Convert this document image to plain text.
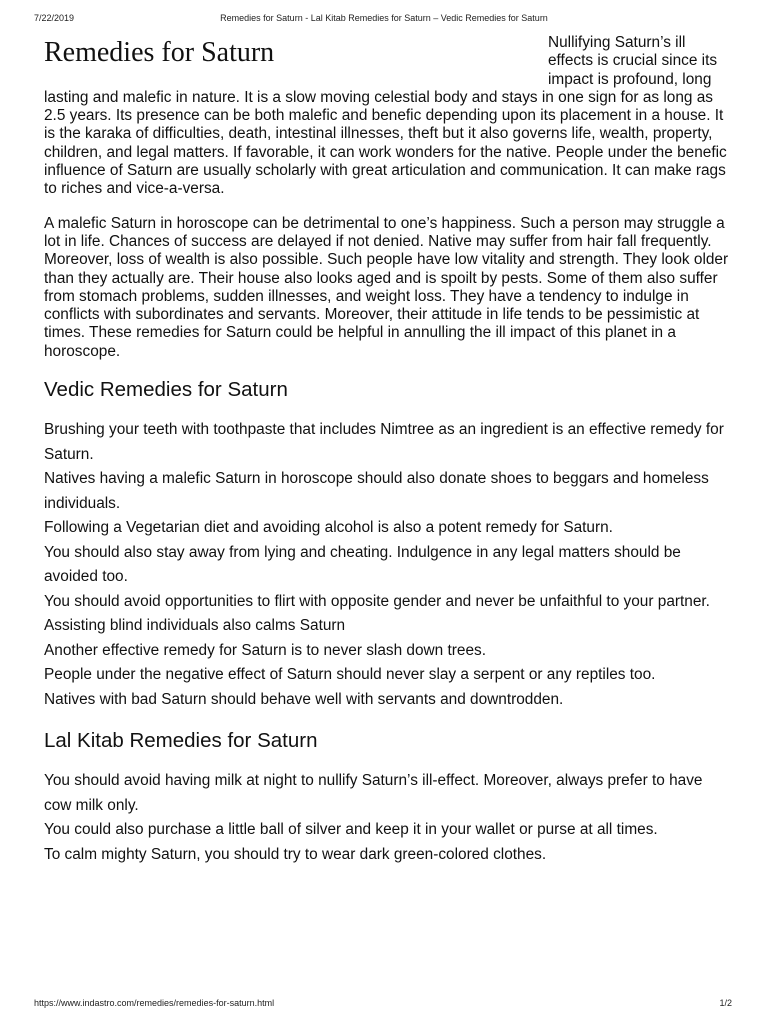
7/22/2019	Remedies for Saturn - Lal Kitab Remedies for Saturn – Vedic Remedies for Saturn
Remedies for Saturn	Nullifying Saturn’s ill effects is crucial since its impact is profound, long lasting and malefic in nature. It is a slow moving celestial body and stays in one sign for as long as 2.5 years. Its presence can be both malefic and benefic depending upon its placement in a house. It is the karaka of difficulties, death, intestinal illnesses, theft but it also governs life, wealth, property, children, and legal matters. If favorable, it can work wonders for the native. People under the benefic influence of Saturn are usually scholarly with great articulation and communication. It can make rags to riches and vice-a-versa.

A malefic Saturn in horoscope can be detrimental to one’s happiness. Such a person may struggle a lot in life. Chances of success are delayed if not denied. Native may suffer from hair fall frequently. Moreover, loss of wealth is also possible. Such people have low vitality and strength. They look older than they actually are. Their house also looks aged and is spoilt by pests. Some of them also suffer from stomach problems, sudden illnesses, and weight loss. They have a tendency to indulge in conflicts with subordinates and servants. Moreover, their attitude in life tends to be pessimistic at times. These remedies for Saturn could be helpful in annulling the ill impact of this planet in a horoscope.

Vedic Remedies for Saturn
Brushing your teeth with toothpaste that includes Nimtree as an ingredient is an effective remedy for Saturn.
Natives having a malefic Saturn in horoscope should also donate shoes to beggars and homeless individuals.
Following a Vegetarian diet and avoiding alcohol is also a potent remedy for Saturn.
You should also stay away from lying and cheating. Indulgence in any legal matters should be avoided too.
You should avoid opportunities to flirt with opposite gender and never be unfaithful to your partner.
Assisting blind individuals also calms Saturn
Another effective remedy for Saturn is to never slash down trees.
People under the negative effect of Saturn should never slay a serpent or any reptiles too.
Natives with bad Saturn should behave well with servants and downtrodden.
Lal Kitab Remedies for Saturn
You should avoid having milk at night to nullify Saturn’s ill-effect. Moreover, always prefer to have cow milk only.
You could also purchase a little ball of silver and keep it in your wallet or purse at all times.
To calm mighty Saturn, you should try to wear dark green-colored clothes.
https://www.indastro.com/remedies/remedies-for-saturn.html	1/2
